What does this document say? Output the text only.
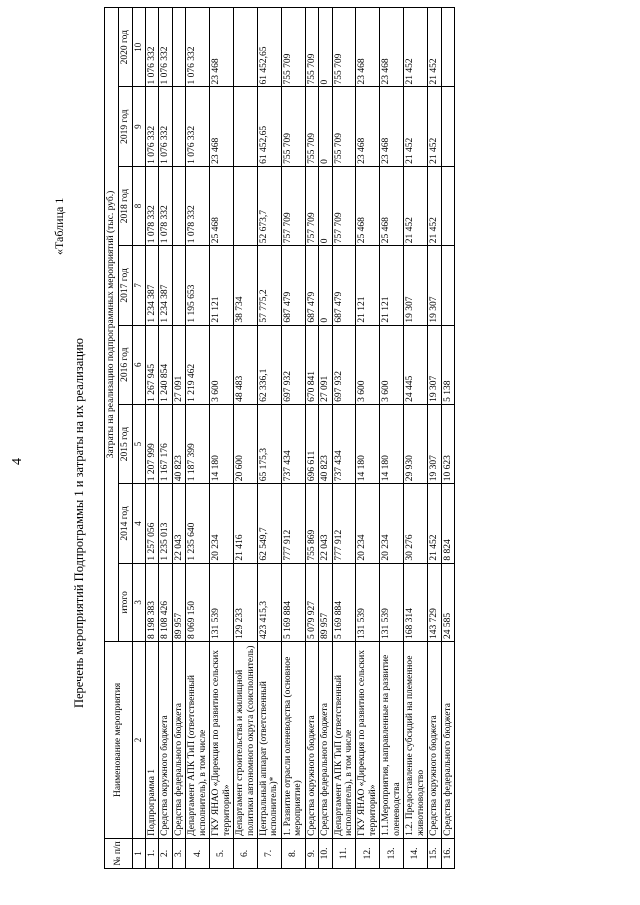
4
«Таблица 1
Перечень мероприятий Подпрограммы 1 и затраты на их реализацию
№ п/п	Наименование мероприятия	Затраты на реализацию подпрограммных мероприятий (тыс. руб.)							
		итого	2014 год	2015 год	2016 год	2017 год	2018 год	2019 год	2020 год
1	2	3	4	5	6	7	8	9	10
1.	Подпрограмма 1	8 198 383	1 257 056	1 207 999	1 267 945	1 234 387	1 078 332	1 076 332	1 076 332
2.	Средства окружного бюджета	8 108 426	1 235 013	1 167 176	1 240 854	1 234 387	1 078 332	1 076 332	1 076 332
3.	Средства федерального бюджета	89 957	22 043	40 823	27 091				
4.	Департамент АПК ТиП (ответственный исполнитель), в том числе	8 069 150	1 235 640	1 187 399	1 219 462	1 195 653	1 078 332	1 076 332	1 076 332
5.	ГКУ ЯНАО «Дирекция по развитию сельских территорий»	131 539	20 234	14 180	3 600	21 121	25 468	23 468	23 468
6.	Департамент строительства и жилищной политики автономного округа (соисполнитель)	129 233	21 416	20 600	48 483	38 734			
7.	Центральный аппарат (ответственный исполнитель)*	423 415,3	62 549,7	65 175,3	62 336,1	57 775,2	52 673,7	61 452,65	61 452,65
8.	1. Развитие отрасли оленеводства (основное мероприятие)	5 169 884	777 912	737 434	697 932	687 479	757 709	755 709	755 709
9.	Средства окружного бюджета	5 079 927	755 869	696 611	670 841	687 479	757 709	755 709	755 709
10.	Средства федерального бюджета	89 957	22 043	40 823	27 091	0	0	0	0
11.	Департамент АПК ТиП (ответственный исполнитель), в том числе	5 169 884	777 912	737 434	697 932	687 479	757 709	755 709	755 709
12.	ГКУ ЯНАО «Дирекция по развитию сельских территорий»	131 539	20 234	14 180	3 600	21 121	25 468	23 468	23 468
13.	1.1.Мероприятия, направленные на развитие оленеводства	131 539	20 234	14 180	3 600	21 121	25 468	23 468	23 468
14.	1.2. Предоставление субсидий на племенное животноводство	168 314	30 276	29 930	24 445	19 307	21 452	21 452	21 452
15.	Средства окружного бюджета	143 729	21 452	19 307	19 307	19 307	21 452	21 452	21 452
16.	Средства федерального бюджета	24 585	8 824	10 623	5 138				
